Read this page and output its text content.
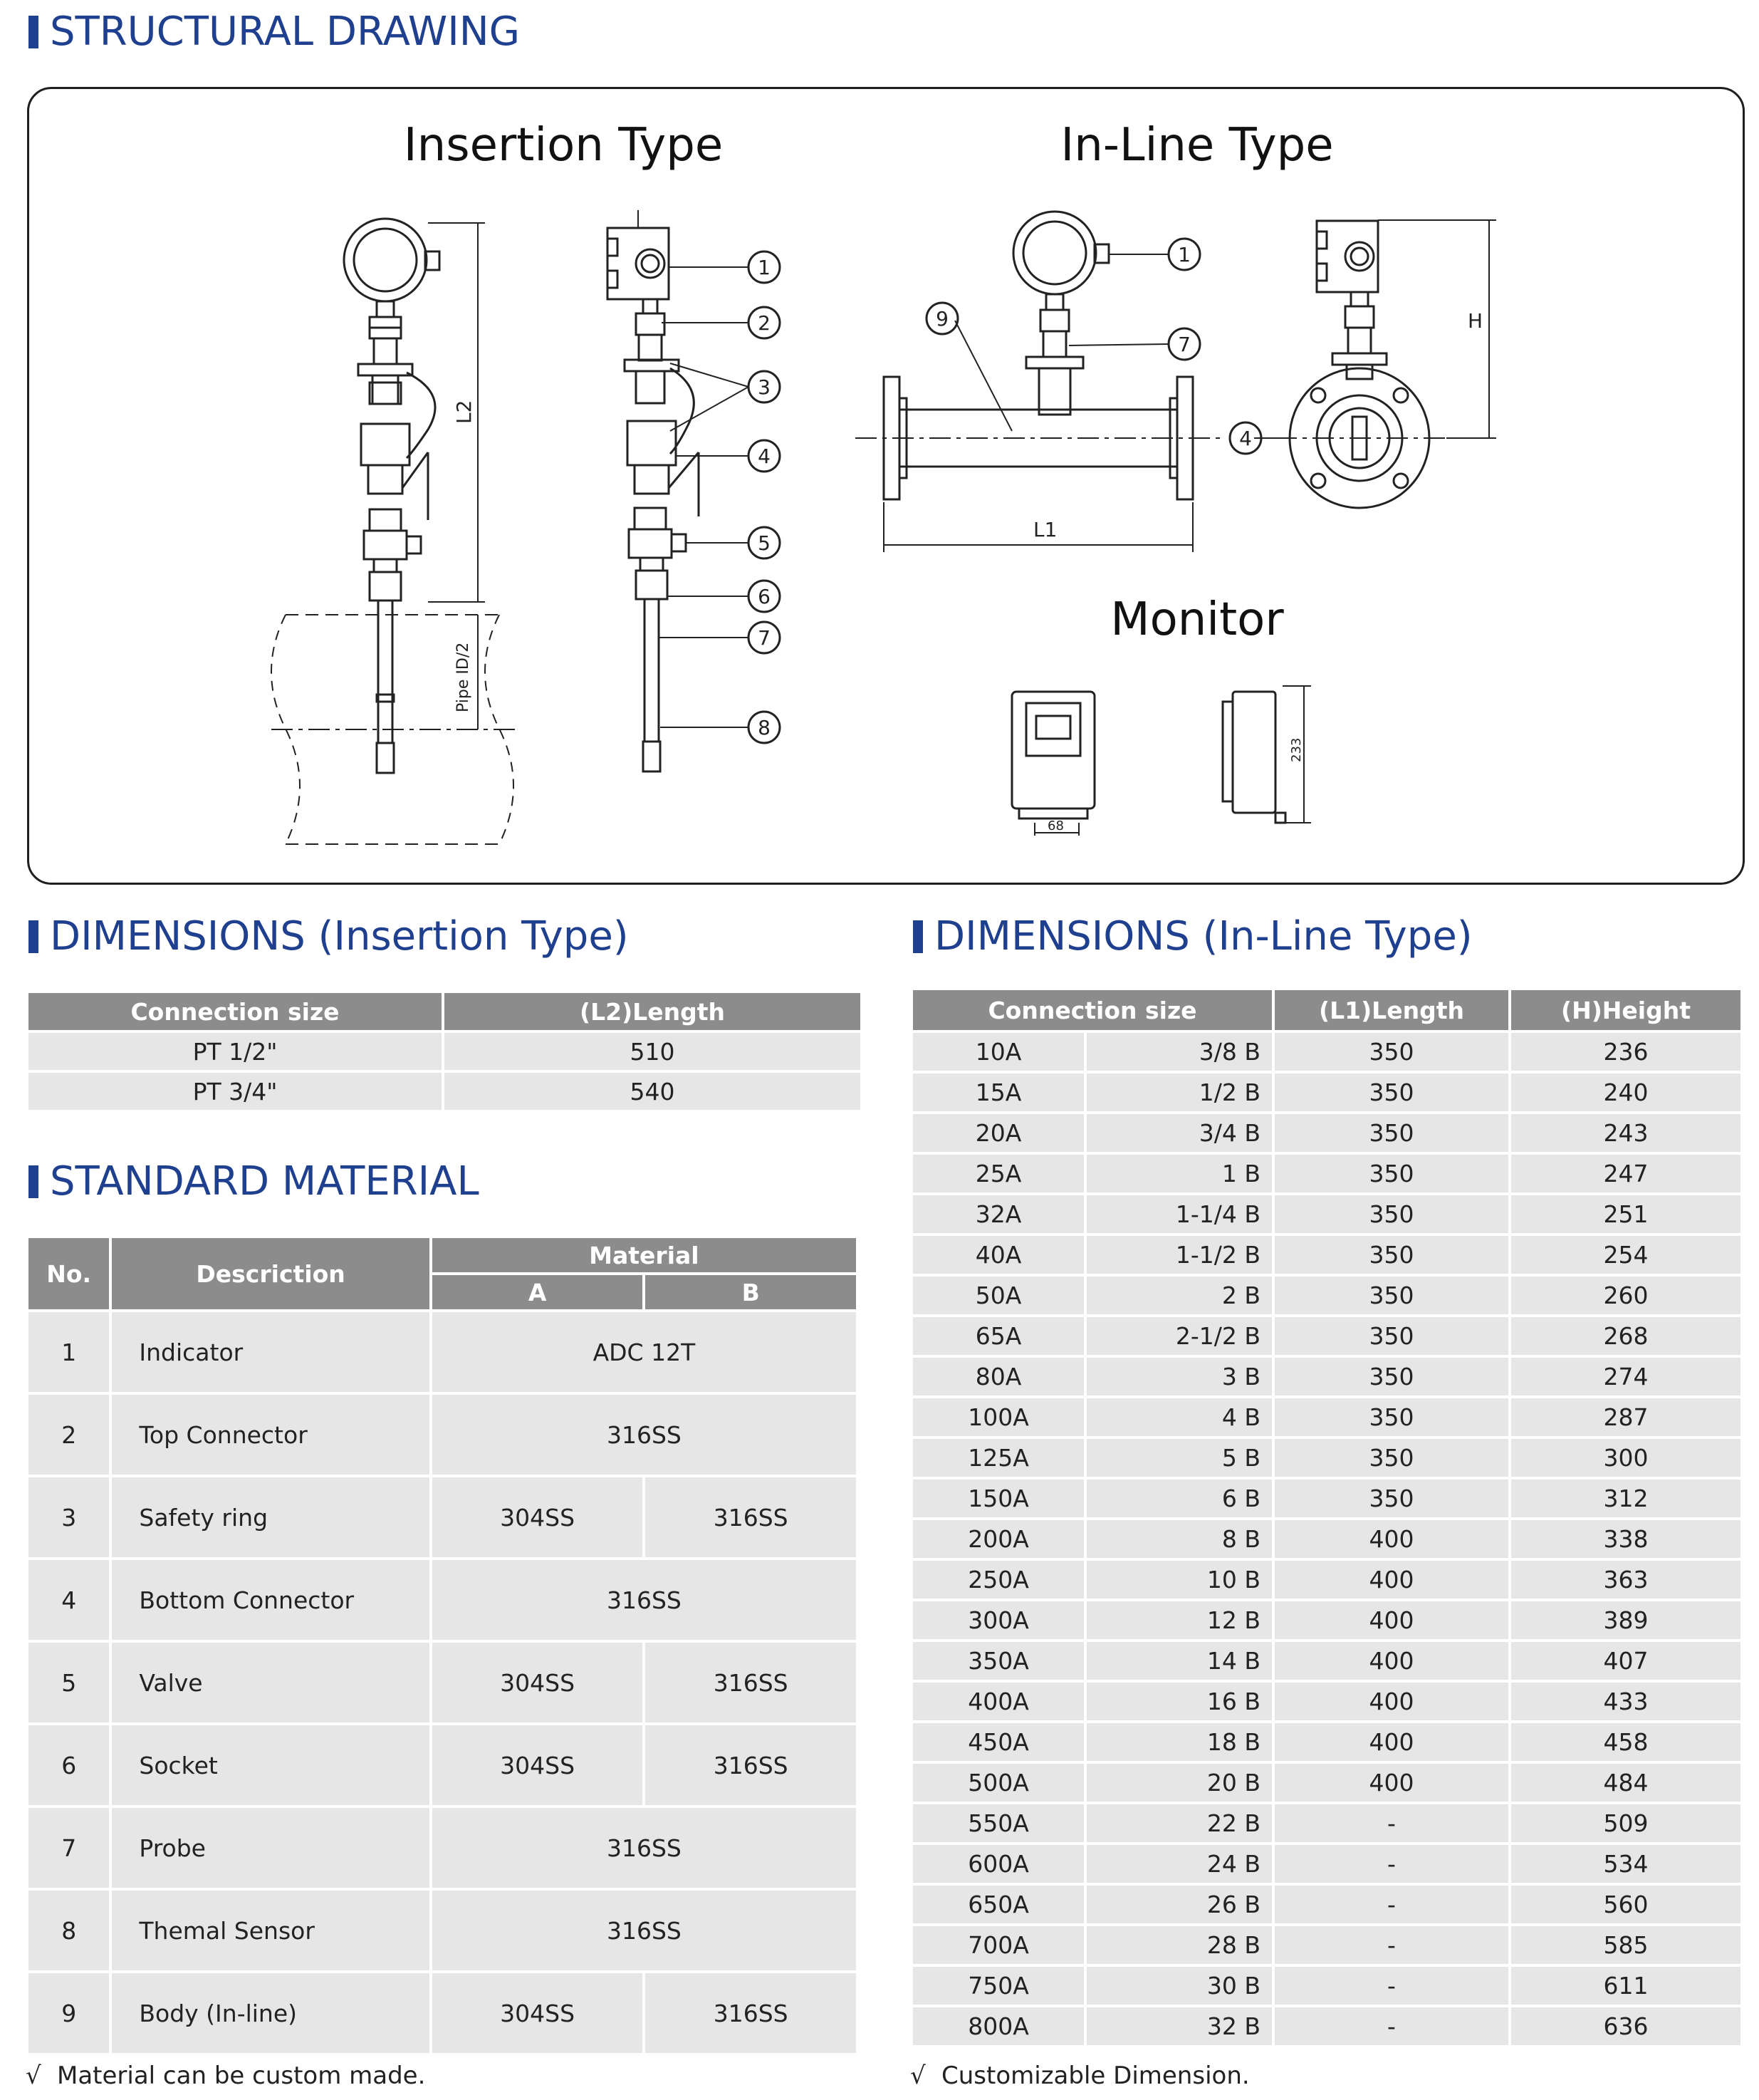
STRUCTURAL DRAWING
Insertion Type	In-Line Type
Monitor
L2
Pipe ID/2
L1
H
68
233
1
2
3
4
5
6
7
8
1
7
9
4
DIMENSIONS (Insertion Type)
Connection size	(L2)Length
PT 1/2"	510
PT 3/4"	540
STANDARD MATERIAL
No.	Descriction	Material	
		A	B
1	Indicator	ADC 12T	
2	Top Connector	316SS	
3	Safety ring	304SS	316SS
4	Bottom Connector	316SS	
5	Valve	304SS	316SS
6	Socket	304SS	316SS
7	Probe	316SS	
8	Themal Sensor	316SS	
9	Body (In-line)	304SS	316SS
√ Material can be custom made.
DIMENSIONS (In-Line Type)
Connection size		(L1)Length	(H)Height
10A	3/8 B	350	236
15A	1/2 B	350	240
20A	3/4 B	350	243
25A	1 B	350	247
32A	1-1/4 B	350	251
40A	1-1/2 B	350	254
50A	2 B	350	260
65A	2-1/2 B	350	268
80A	3 B	350	274
100A	4 B	350	287
125A	5 B	350	300
150A	6 B	350	312
200A	8 B	400	338
250A	10 B	400	363
300A	12 B	400	389
350A	14 B	400	407
400A	16 B	400	433
450A	18 B	400	458
500A	20 B	400	484
550A	22 B	-	509
600A	24 B	-	534
650A	26 B	-	560
700A	28 B	-	585
750A	30 B	-	611
800A	32 B	-	636
√ Customizable Dimension.
